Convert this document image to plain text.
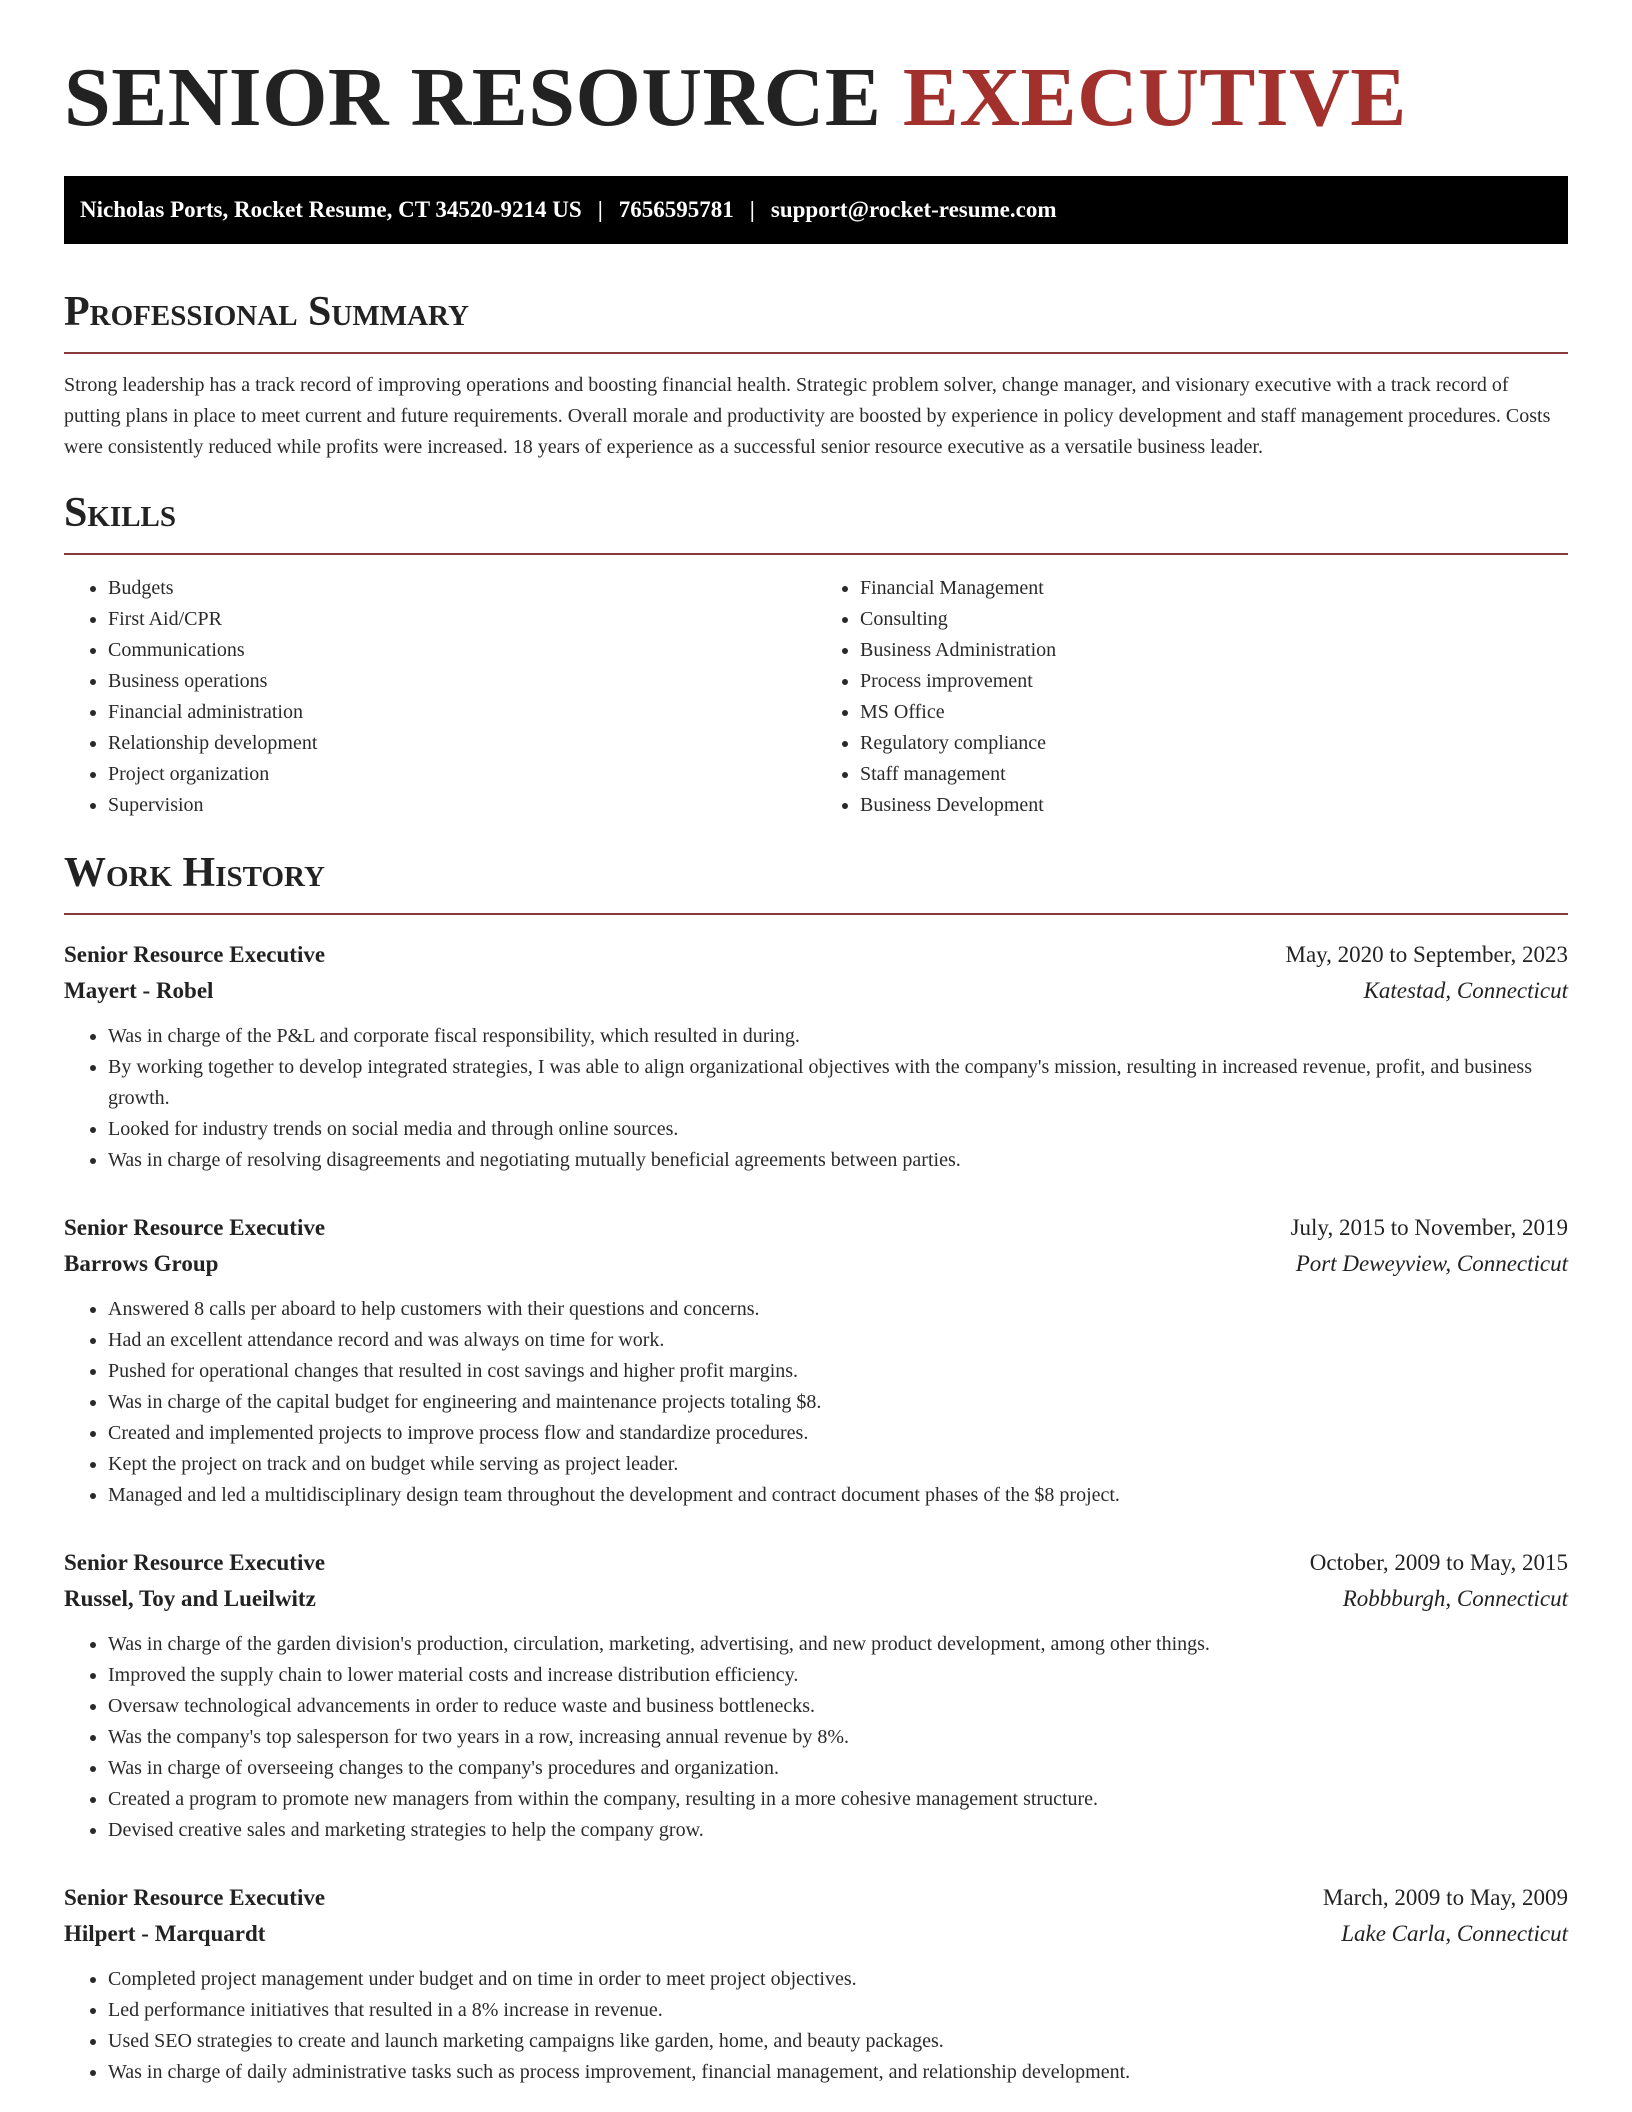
SENIOR RESOURCE EXECUTIVE
Nicholas Ports, Rocket Resume, CT 34520-9214 US | 7656595781 | support@rocket-resume.com
Professional Summary

Strong leadership has a track record of improving operations and boosting financial health. Strategic problem solver, change manager, and visionary executive with a track record of putting plans in place to meet current and future requirements. Overall morale and productivity are boosted by experience in policy development and staff management procedures. Costs were consistently reduced while profits were increased. 18 years of experience as a successful senior resource executive as a versatile business leader.

Skills
• Budgets
• First Aid/CPR
• Communications
• Business operations
• Financial administration
• Relationship development
• Project organization
• Supervision
• Financial Management
• Consulting
• Business Administration
• Process improvement
• MS Office
• Regulatory compliance
• Staff management
• Business Development
Work History
Senior Resource Executive	May, 2020 to September, 2023
Mayert - Robel	Katestad, Connecticut
• Was in charge of the P&L and corporate fiscal responsibility, which resulted in during.
• By working together to develop integrated strategies, I was able to align organizational objectives with the company's mission, resulting in increased revenue, profit, and business growth.
• Looked for industry trends on social media and through online sources.
• Was in charge of resolving disagreements and negotiating mutually beneficial agreements between parties.
Senior Resource Executive	July, 2015 to November, 2019
Barrows Group	Port Deweyview, Connecticut
• Answered 8 calls per aboard to help customers with their questions and concerns.
• Had an excellent attendance record and was always on time for work.
• Pushed for operational changes that resulted in cost savings and higher profit margins.
• Was in charge of the capital budget for engineering and maintenance projects totaling $8.
• Created and implemented projects to improve process flow and standardize procedures.
• Kept the project on track and on budget while serving as project leader.
• Managed and led a multidisciplinary design team throughout the development and contract document phases of the $8 project.
Senior Resource Executive	October, 2009 to May, 2015
Russel, Toy and Lueilwitz	Robbburgh, Connecticut
• Was in charge of the garden division's production, circulation, marketing, advertising, and new product development, among other things.
• Improved the supply chain to lower material costs and increase distribution efficiency.
• Oversaw technological advancements in order to reduce waste and business bottlenecks.
• Was the company's top salesperson for two years in a row, increasing annual revenue by 8%.
• Was in charge of overseeing changes to the company's procedures and organization.
• Created a program to promote new managers from within the company, resulting in a more cohesive management structure.
• Devised creative sales and marketing strategies to help the company grow.
Senior Resource Executive	March, 2009 to May, 2009
Hilpert - Marquardt	Lake Carla, Connecticut
• Completed project management under budget and on time in order to meet project objectives.
• Led performance initiatives that resulted in a 8% increase in revenue.
• Used SEO strategies to create and launch marketing campaigns like garden, home, and beauty packages.
• Was in charge of daily administrative tasks such as process improvement, financial management, and relationship development.
